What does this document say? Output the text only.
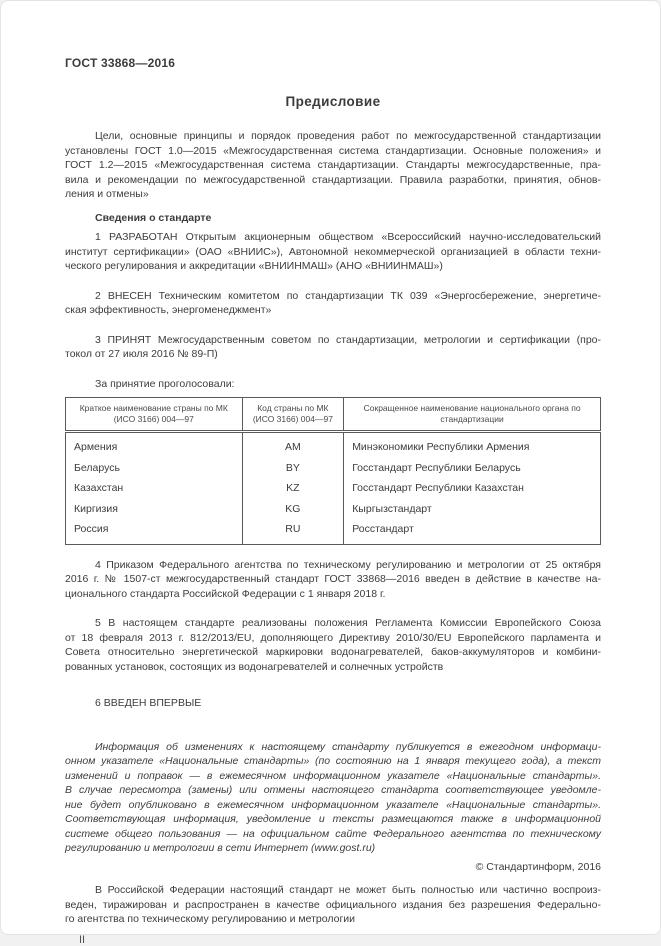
ГОСТ 33868—2016
Предисловие
Цели, основные принципы и порядок проведения работ по межгосударственной стандартизации
установлены ГОСТ 1.0—2015 «Межгосударственная система стандартизации. Основные положения» и
ГОСТ 1.2—2015 «Межгосударственная система стандартизации. Стандарты межгосударственные, пра-
вила и рекомендации по межгосударственной стандартизации. Правила разработки, принятия, обнов-
ления и отмены»
Сведения о стандарте
1 РАЗРАБОТАН Открытым акционерным обществом «Всероссийский научно-исследовательский
институт сертификации» (ОАО «ВНИИС»), Автономной некоммерческой организацией в области техни-
ческого регулирования и аккредитации «ВНИИНМАШ» (АНО «ВНИИНМАШ»)
2 ВНЕСЕН Техническим комитетом по стандартизации ТК 039 «Энергосбережение, энергетиче-
ская эффективность, энергоменеджмент»
3 ПРИНЯТ Межгосударственным советом по стандартизации, метрологии и сертификации (про-
токол от 27 июля 2016 № 89-П)
За принятие проголосовали:
Краткое наименование страны по МК (ИСО 3166) 004—97	Код страны по МК (ИСО 3166) 004—97	Сокращенное наименование национального органа по стандартизации
Армения	AM	Минэкономики Республики Армения
Беларусь	BY	Госстандарт Республики Беларусь
Казахстан	KZ	Госстандарт Республики Казахстан
Киргизия	KG	Кыргызстандарт
Россия	RU	Росстандарт
4 Приказом Федерального агентства по техническому регулированию и метрологии от 25 октября
2016 г. № 1507-ст межгосударственный стандарт ГОСТ 33868—2016 введен в действие в качестве на-
ционального стандарта Российской Федерации с 1 января 2018 г.
5 В настоящем стандарте реализованы положения Регламента Комиссии Европейского Союза
от 18 февраля 2013 г. 812/2013/EU, дополняющего Директиву 2010/30/EU Европейского парламента и
Совета относительно энергетической маркировки водонагревателей, баков-аккумуляторов и комбини-
рованных установок, состоящих из водонагревателей и солнечных устройств
6 ВВЕДЕН ВПЕРВЫЕ
Информация об изменениях к настоящему стандарту публикуется в ежегодном информаци-
онном указателе «Национальные стандарты» (по состоянию на 1 января текущего года), а текст
изменений и поправок — в ежемесячном информационном указателе «Национальные стандарты».
В случае пересмотра (замены) или отмены настоящего стандарта соответствующее уведомле-
ние будет опубликовано в ежемесячном информационном указателе «Национальные стандарты».
Соответствующая информация, уведомление и тексты размещаются также в информационной
системе общего пользования — на официальном сайте Федерального агентства по техническому
регулированию и метрологии в сети Интернет (www.gost.ru)
© Стандартинформ, 2016
В Российской Федерации настоящий стандарт не может быть полностью или частично воспроиз-
веден, тиражирован и распространен в качестве официального издания без разрешения Федерально-
го агентства по техническому регулированию и метрологии
II
